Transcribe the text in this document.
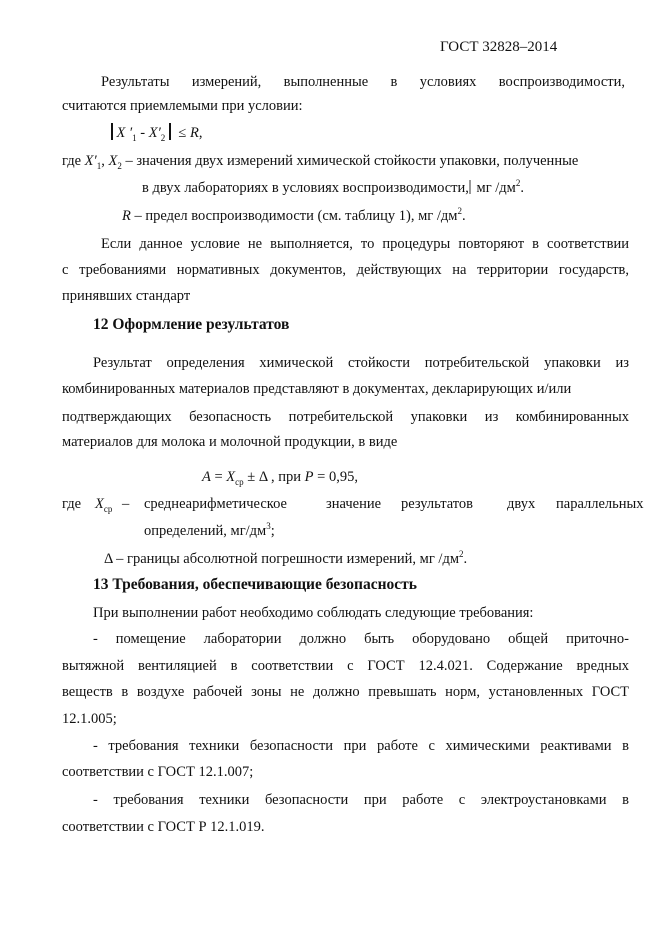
ГОСТ 32828–2014
Результаты измерений, выполненные в условиях воспроизводимости,
считаются приемлемыми при условии:
X $'_1 - X'_2 \le R$,
где $X'_1$, $X_2$ – значения двух измерений химической стойкости упаковки, полученные
в двух лабораториях в условиях воспроизводимости, мг $/дм^2$.
R – предел воспроизводимости (см. таблицу 1), мг $/дм^2$.
Если данное условие не выполняется, то процедуры повторяют в соответствии
с требованиями нормативных документов, действующих на территории государств,
принявших стандарт
12 Оформление результатов
Результат определения химической стойкости потребительской упаковки из
комбинированных материалов представляют в документах, декларирующих и/или
подтверждающих безопасность потребительской упаковки из комбинированных
материалов для молока и молочной продукции, в виде
$A = X_{ср} \pm \Delta$ , при P = 0,95,
где $X_{ср}$ – среднеарифметическое	значение результатов двух параллельных
определений, $мг/дм^3$;
Δ – границы абсолютной погрешности измерений, мг $/дм^2$.
13 Требования, обеспечивающие безопасность
При выполнении работ необходимо соблюдать следующие требования:
- помещение лаборатории должно быть оборудовано общей приточно-
вытяжной вентиляцией в соответствии с ГОСТ 12.4.021. Содержание вредных
веществ в воздухе рабочей зоны не должно превышать норм, установленных ГОСТ
12.1.005;
- требования техники безопасности при работе с химическими реактивами в
соответствии с ГОСТ 12.1.007;
- требования техники безопасности при работе с электроустановками в
соответствии с ГОСТ Р 12.1.019.
